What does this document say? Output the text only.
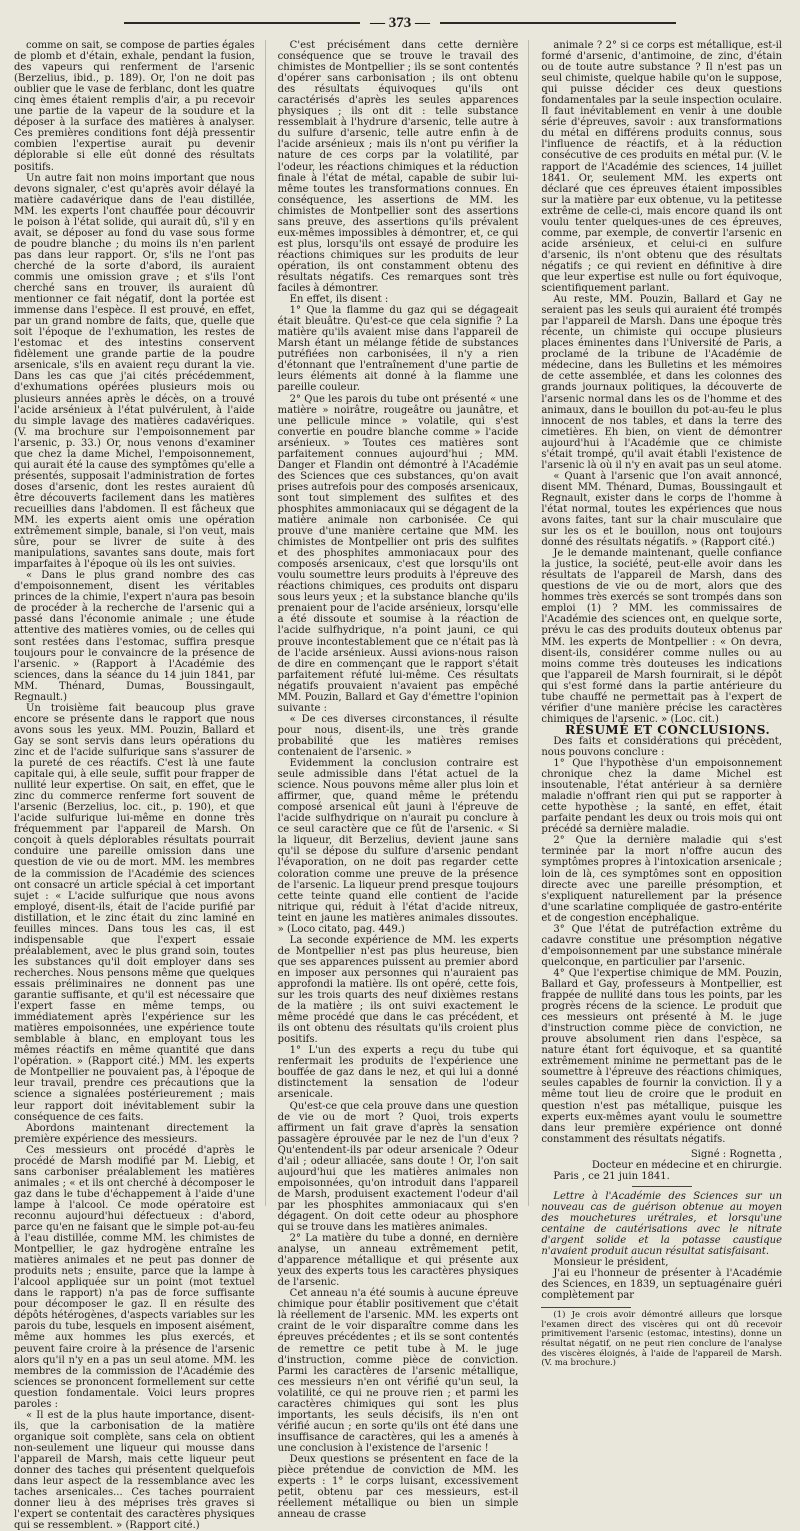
— 373 —

comme on sait, se compose de parties égales de plomb et d'étain, exhale, pendant la fusion, des vapeurs qui renferment de l'arsenic (Berzelius, ibid., p. 189). Or, l'on ne doit pas oublier que le vase de ferblanc, dont les quatre cinq èmes étaient remplis d'air, a pu recevoir une partie de la vapeur de la soudure et la déposer à la surface des matières à analyser. Ces premières conditions font déjà pressentir combien l'expertise aurait pu devenir déplorable si elle eût donné des résultats positifs.

Un autre fait non moins important que nous devons signaler, c'est qu'après avoir délayé la matière cadavérique dans de l'eau distillée, MM. les experts l'ont chauffée pour découvrir le poison à l'état solide, qui aurait dû, s'il y en avait, se déposer au fond du vase sous forme de poudre blanche ; du moins ils n'en parlent pas dans leur rapport. Or, s'ils ne l'ont pas cherché de la sorte d'abord, ils auraient commis une omission grave ; et s'ils l'ont cherché sans en trouver, ils auraient dû mentionner ce fait négatif, dont la portée est immense dans l'espèce. Il est prouvé, en effet, par un grand nombre de faits, que, quelle que soit l'époque de l'exhumation, les restes de l'estomac et des intestins conservent fidèlement une grande partie de la poudre arsenicale, s'ils en avaient reçu durant la vie. Dans les cas que j'ai cités précédemment, d'exhumations opérées plusieurs mois ou plusieurs années après le décès, on a trouvé l'acide arsénieux à l'état pulvérulent, à l'aide du simple lavage des matières cadavériques. (V. ma brochure sur l'empoisonnement par l'arsenic, p. 33.) Or, nous venons d'examiner que chez la dame Michel, l'empoisonnement, qui aurait été la cause des symptômes qu'elle a présentés, supposait l'administration de fortes doses d'arsenic, dont les restes auraient dû être découverts facilement dans les matières recueillies dans l'abdomen. Il est fâcheux que MM. les experts aient omis une opération extrêmement simple, banale, si l'on veut, mais sûre, pour se livrer de suite à des manipulations, savantes sans doute, mais fort imparfaites à l'époque où ils les ont suivies.

« Dans le plus grand nombre des cas d'empoisonnement, disent les véritables princes de la chimie, l'expert n'aura pas besoin de procéder à la recherche de l'arsenic qui a passé dans l'économie animale ; une étude attentive des matières vomies, ou de celles qui sont restées dans l'estomac, suffira presque toujours pour le convaincre de la présence de l'arsenic. » (Rapport à l'Académie des sciences, dans la séance du 14 juin 1841, par MM. Thénard, Dumas, Boussingault, Regnault.)

Un troisième fait beaucoup plus grave encore se présente dans le rapport que nous avons sous les yeux. MM. Pouzin, Ballard et Gay se sont servis dans leurs opérations du zinc et de l'acide sulfurique sans s'assurer de la pureté de ces réactifs. C'est là une faute capitale qui, à elle seule, suffit pour frapper de nullité leur expertise. On sait, en effet, que le zinc du commerce renferme fort souvent de l'arsenic (Berzelius, loc. cit., p. 190), et que l'acide sulfurique lui-même en donne très fréquemment par l'appareil de Marsh. On conçoit à quels déplorables résultats pourrait conduire une pareille omission dans une question de vie ou de mort. MM. les membres de la commission de l'Académie des sciences ont consacré un article spécial à cet important sujet : « L'acide sulfurique que nous avons employé, disent-ils, était de l'acide purifié par distillation, et le zinc était du zinc laminé en feuilles minces. Dans tous les cas, il est indispensable que l'expert essaie préalablement, avec le plus grand soin, toutes les substances qu'il doit employer dans ses recherches. Nous pensons même que quelques essais préliminaires ne donnent pas une garantie suffisante, et qu'il est nécessaire que l'expert fasse en même temps, ou immédiatement après l'expérience sur les matières empoisonnées, une expérience toute semblable à blanc, en employant tous les mêmes réactifs en même quantité que dans l'opération. » (Rapport cité.) MM. les experts de Montpellier ne pouvaient pas, à l'époque de leur travail, prendre ces précautions que la science a signalées postérieurement ; mais leur rapport doit inévitablement subir la conséquence de ces faits.

Abordons maintenant directement la première expérience des messieurs.

Ces messieurs ont procédé d'après le procédé de Marsh modifié par M. Liebig, et sans carboniser préalablement les matières animales ; « et ils ont cherché à décomposer le gaz dans le tube d'échappement à l'aide d'une lampe à l'alcool. Ce mode opératoire est reconnu aujourd'hui défectueux : d'abord, parce qu'en ne faisant que le simple pot-au-feu à l'eau distillée, comme MM. les chimistes de Montpellier, le gaz hydrogène entraîne les matières animales et ne peut pas donner de produits nets ; ensuite, parce que la lampe à l'alcool appliquée sur un point (mot textuel dans le rapport) n'a pas de force suffisante pour décomposer le gaz. Il en résulte des dépôts hétérogènes, d'aspects variables sur les parois du tube, lesquels en imposent aisément, même aux hommes les plus exercés, et peuvent faire croire à la présence de l'arsenic alors qu'il n'y en a pas un seul atome. MM. les membres de la commission de l'Académie des sciences se prononcent formellement sur cette question fondamentale. Voici leurs propres paroles :

« Il est de la plus haute importance, disent-ils, que la carbonisation de la matière organique soit complète, sans cela on obtient non-seulement une liqueur qui mousse dans l'appareil de Marsh, mais cette liqueur peut donner des taches qui présentent quelquefois dans leur aspect de la ressemblance avec les taches arsenicales... Ces taches pourraient donner lieu à des méprises très graves si l'expert se contentait des caractères physiques qui se ressemblent. » (Rapport cité.)

C'est précisément dans cette dernière conséquence que se trouve le travail des chimistes de Montpellier ; ils se sont contentés d'opérer sans carbonisation ; ils ont obtenu des résultats équivoques qu'ils ont caractérisés d'après les seules apparences physiques ; ils ont dit : telle substance ressemblait à l'hydrure d'arsenic, telle autre à du sulfure d'arsenic, telle autre enfin à de l'acide arsénieux ; mais ils n'ont pu vérifier la nature de ces corps par la volatilité, par l'odeur, les réactions chimiques et la réduction finale à l'état de métal, capable de subir lui-même toutes les transformations connues. En conséquence, les assertions de MM. les chimistes de Montpellier sont des assertions sans preuve, des assertions qu'ils prévalent eux-mêmes impossibles à démontrer, et, ce qui est plus, lorsqu'ils ont essayé de produire les réactions chimiques sur les produits de leur opération, ils ont constamment obtenu des résultats négatifs. Ces remarques sont très faciles à démontrer.

En effet, ils disent :

1° Que la flamme du gaz qui se dégageait était bleuâtre. Qu'est-ce que cela signifie ? La matière qu'ils avaient mise dans l'appareil de Marsh étant un mélange fétide de substances putréfiées non carbonisées, il n'y a rien d'étonnant que l'entraînement d'une partie de leurs éléments ait donné à la flamme une pareille couleur.

2° Que les parois du tube ont présenté « une matière » noirâtre, rougeâtre ou jaunâtre, et une pellicule mince » volatile, qui s'est convertie en poudre blanche comme » l'acide arsénieux. » Toutes ces matières sont parfaitement connues aujourd'hui ; MM. Danger et Flandin ont démontré à l'Académie des Sciences que ces substances, qu'on avait prises autrefois pour des composés arsenicaux, sont tout simplement des sulfites et des phosphites ammoniacaux qui se dégagent de la matière animale non carbonisée. Ce qui prouve d'une manière certaine que MM. les chimistes de Montpellier ont pris des sulfites et des phosphites ammoniacaux pour des composés arsenicaux, c'est que lorsqu'ils ont voulu soumettre leurs produits à l'épreuve des réactions chimiques, ces produits ont disparu sous leurs yeux ; et la substance blanche qu'ils prenaient pour de l'acide arsénieux, lorsqu'elle a été dissoute et soumise à la réaction de l'acide sulfhydrique, n'a point jauni, ce qui prouve incontestablement que ce n'était pas là de l'acide arsénieux. Aussi avions-nous raison de dire en commençant que le rapport s'était parfaitement réfuté lui-même. Ces résultats négatifs prouvaient n'avaient pas empêché MM. Pouzin, Ballard et Gay d'émettre l'opinion suivante :

« De ces diverses circonstances, il résulte pour nous, disent-ils, une très grande probabilité que les matières remises contenaient de l'arsenic. »

Evidemment la conclusion contraire est seule admissible dans l'état actuel de la science. Nous pouvons même aller plus loin et affirmer, que, quand même le prétendu composé arsenical eût jauni à l'épreuve de l'acide sulfhydrique on n'aurait pu conclure à ce seul caractère que ce fût de l'arsenic. « Si la liqueur, dit Berzelius, devient jaune sans qu'il se dépose du sulfure d'arsenic pendant l'évaporation, on ne doit pas regarder cette coloration comme une preuve de la présence de l'arsenic. La liqueur prend presque toujours cette teinte quand elle contient de l'acide nitrique qui, réduit à l'état d'acide nitreux, teint en jaune les matières animales dissoutes. » (Loco citato, pag. 449.)

La seconde expérience de MM. les experts de Montpellier n'est pas plus heureuse, bien que ses apparences puissent au premier abord en imposer aux personnes qui n'auraient pas approfondi la matière. Ils ont opéré, cette fois, sur les trois quarts des neuf dixièmes restans de la matière ; ils ont suivi exactement le même procédé que dans le cas précédent, et ils ont obtenu des résultats qu'ils croient plus positifs.

1° L'un des experts a reçu du tube qui renfermait les produits de l'expérience une bouffée de gaz dans le nez, et qui lui a donné distinctement la sensation de l'odeur arsenicale.

Qu'est-ce que cela prouve dans une question de vie ou de mort ? Quoi, trois experts affirment un fait grave d'après la sensation passagère éprouvée par le nez de l'un d'eux ? Qu'entendent-ils par odeur arsenicale ? Odeur d'ail ; odeur alliacée, sans doute ! Or, l'on sait aujourd'hui que les matières animales non empoisonnées, qu'on introduit dans l'appareil de Marsh, produisent exactement l'odeur d'ail par les phosphites ammoniacaux qui s'en dégagent. On doit cette odeur au phosphore qui se trouve dans les matières animales.

2° La matière du tube a donné, en dernière analyse, un anneau extrêmement petit, d'apparence métallique et qui présente aux yeux des experts tous les caractères physiques de l'arsenic.

Cet anneau n'a été soumis à aucune épreuve chimique pour établir positivement que c'était là réellement de l'arsenic. MM. les experts ont craint de le voir disparaître comme dans les épreuves précédentes ; et ils se sont contentés de remettre ce petit tube à M. le juge d'instruction, comme pièce de conviction. Parmi les caractères de l'arsenic métallique, ces messieurs n'en ont vérifié qu'un seul, la volatilité, ce qui ne prouve rien ; et parmi les caractères chimiques qui sont les plus importants, les seuls décisifs, ils n'en ont vérifié aucun ; en sorte qu'ils ont été dans une insuffisance de caractères, qui les a amenés à une conclusion à l'existence de l'arsenic !

Deux questions se présentent en face de la pièce prétendue de conviction de MM. les experts : 1° le corps luisant, excessivement petit, obtenu par ces messieurs, est-il réellement métallique ou bien un simple anneau de crasse

animale ? 2° si ce corps est métallique, est-il formé d'arsenic, d'antimoine, de zinc, d'étain ou de toute autre substance ? Il n'est pas un seul chimiste, quelque habile qu'on le suppose, qui puisse décider ces deux questions fondamentales par la seule inspection oculaire. Il faut inévitablement en venir à une double série d'épreuves, savoir : aux transformations du métal en différens produits connus, sous l'influence de réactifs, et à la réduction consécutive de ces produits en métal pur. (V. le rapport de l'Académie des sciences, 14 juillet 1841. Or, seulement MM. les experts ont déclaré que ces épreuves étaient impossibles sur la matière par eux obtenue, vu la petitesse extrême de celle-ci, mais encore quand ils ont voulu tenter quelques-unes de ces épreuves, comme, par exemple, de convertir l'arsenic en acide arsénieux, et celui-ci en sulfure d'arsenic, ils n'ont obtenu que des résultats négatifs ; ce qui revient en définitive à dire que leur expertise est nulle ou fort équivoque, scientifiquement parlant.

Au reste, MM. Pouzin, Ballard et Gay ne seraient pas les seuls qui auraient été trompés par l'appareil de Marsh. Dans une époque très récente, un chimiste qui occupe plusieurs places éminentes dans l'Université de Paris, a proclamé de la tribune de l'Académie de médecine, dans les Bulletins et les mémoires de cette assemblée, et dans les colonnes des grands journaux politiques, la découverte de l'arsenic normal dans les os de l'homme et des animaux, dans le bouillon du pot-au-feu le plus innocent de nos tables, et dans la terre des cimetières. Eh bien, on vient de démontrer aujourd'hui à l'Académie que ce chimiste s'était trompé, qu'il avait établi l'existence de l'arsenic là où il n'y en avait pas un seul atome.

« Quant à l'arsenic que l'on avait annoncé, disent MM. Thénard, Dumas, Boussingault et Regnault, exister dans le corps de l'homme à l'état normal, toutes les expériences que nous avons faites, tant sur la chair musculaire que sur les os et le bouillon, nous ont toujours donné des résultats négatifs. » (Rapport cité.)

Je le demande maintenant, quelle confiance la justice, la société, peut-elle avoir dans les résultats de l'appareil de Marsh, dans des questions de vie ou de mort, alors que des hommes très exercés se sont trompés dans son emploi (1) ? MM. les commissaires de l'Académie des sciences ont, en quelque sorte, prévu le cas des produits douteux obtenus par MM. les experts de Montpellier : « On devra, disent-ils, considérer comme nulles ou au moins comme très douteuses les indications que l'appareil de Marsh fournirait, si le dépôt qui s'est formé dans la partie antérieure du tube chauffé ne permettait pas à l'expert de vérifier d'une manière précise les caractères chimiques de l'arsenic. » (Loc. cit.)

RÉSUMÉ ET CONCLUSIONS.

Des faits et considérations qui précèdent, nous pouvons conclure :

1° Que l'hypothèse d'un empoisonnement chronique chez la dame Michel est insoutenable, l'état antérieur à sa dernière maladie n'offrant rien qui put se rapporter à cette hypothèse ; la santé, en effet, était parfaite pendant les deux ou trois mois qui ont précédé sa dernière maladie.

2° Que la dernière maladie qui s'est terminée par la mort n'offre aucun des symptômes propres à l'intoxication arsenicale ; loin de là, ces symptômes sont en opposition directe avec une pareille présomption, et s'expliquent naturellement par la présence d'une scarlatine compliquée de gastro-entérite et de congestion encéphalique.

3° Que l'état de putréfaction extrême du cadavre constitue une présomption négative d'empoisonnement par une substance minérale quelconque, en particulier par l'arsenic.

4° Que l'expertise chimique de MM. Pouzin, Ballard et Gay, professeurs à Montpellier, est frappée de nullité dans tous les points, par les progrès récens de la science. Le produit que ces messieurs ont présenté à M. le juge d'instruction comme pièce de conviction, ne prouve absolument rien dans l'espèce, sa nature étant fort équivoque, et sa quantité extrêmement minime ne permettant pas de le soumettre à l'épreuve des réactions chimiques, seules capables de fournir la conviction. Il y a même tout lieu de croire que le produit en question n'est pas métallique, puisque les experts eux-mêmes ayant voulu le soumettre dans leur première expérience ont donné constamment des résultats négatifs.

Signé : Rognetta ,
Docteur en médecine et en chirurgie.

Paris , ce 21 juin 1841.

Lettre à l'Académie des Sciences sur un nouveau cas de guérison obtenue au moyen des mouchetures urétrales, et lorsqu'une centaine de cautérisations avec le nitrate d'argent solide et la potasse caustique n'avaient produit aucun résultat satisfaisant.

Monsieur le président,

J'ai eu l'honneur de présenter à l'Académie des Sciences, en 1839, un septuagénaire guéri complètement par

(1) Je crois avoir démontré ailleurs que lorsque l'examen direct des viscères qui ont dû recevoir primitivement l'arsenic (estomac, intestins), donne un résultat négatif, on ne peut rien conclure de l'analyse des viscères éloignés, à l'aide de l'appareil de Marsh. (V. ma brochure.)
